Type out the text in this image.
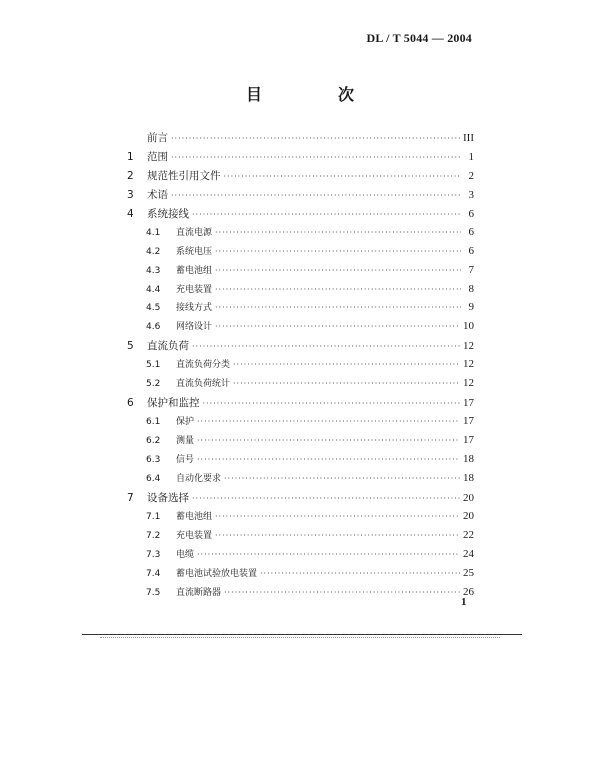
DL / T 5044 — 2004
目　次
前言 ·····	III
1	范围 ·····	1
2	规范性引用文件 ·····	2
3	术语 ·····	3
4	系统接线 ·····	6
4.1	直流电源 ·····	6
4.2	系统电压 ·····	6
4.3	蓄电池组 ·····	7
4.4	充电装置 ·····	8
4.5	接线方式 ·····	9
4.6	网络设计 ·····	10
5	直流负荷 ·····	12
5.1	直流负荷分类 ·····	12
5.2	直流负荷统计 ·····	12
6	保护和监控 ·····	17
6.1	保护 ·····	17
6.2	测量 ·····	17
6.3	信号 ·····	18
6.4	自动化要求 ·····	18
7	设备选择 ·····	20
7.1	蓄电池组 ·····	20
7.2	充电装置 ·····	22
7.3	电缆 ·····	24
7.4	蓄电池试验放电装置 ·····	25
7.5	直流断路器 ·····	26
1
